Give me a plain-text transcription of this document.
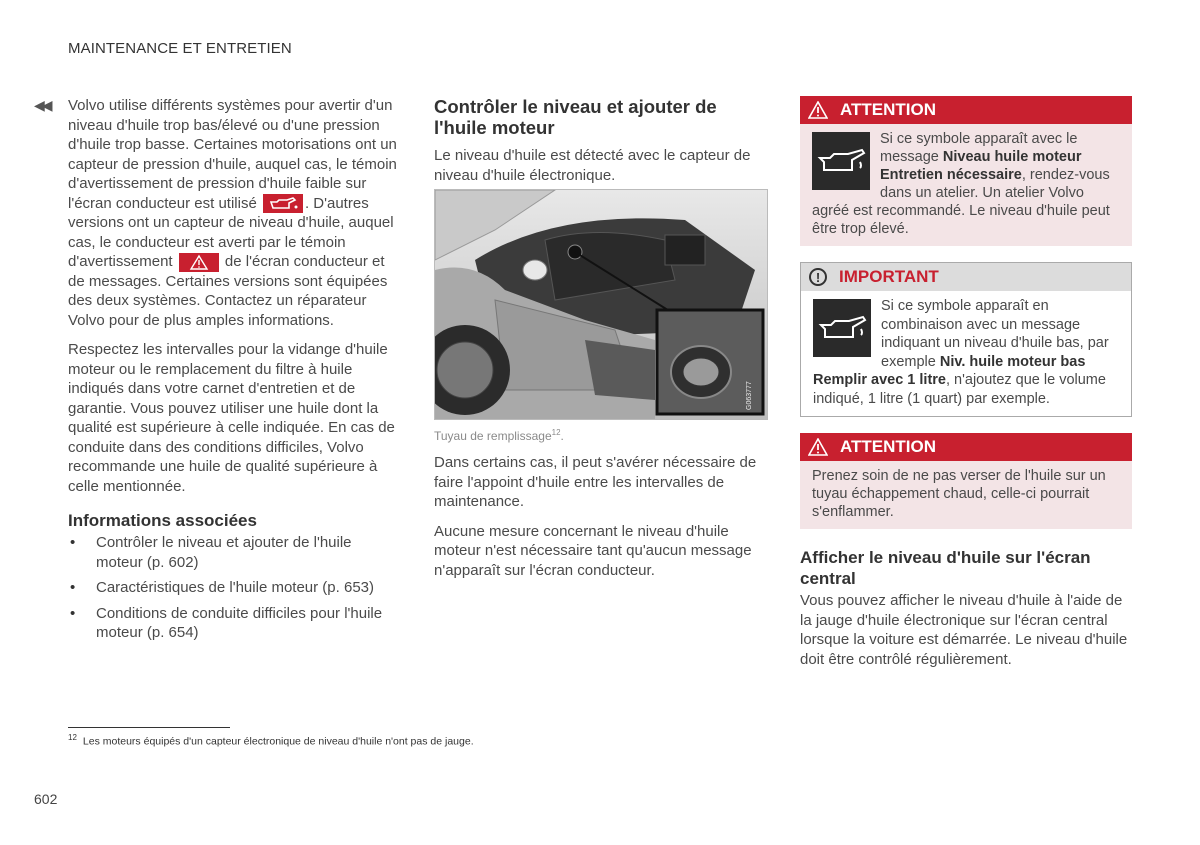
MAINTENANCE ET ENTRETIEN
◀◀ Volvo utilise différents systèmes pour avertir d'un niveau d'huile trop bas/élevé ou d'une pression d'huile trop basse. Certaines motorisations ont un capteur de pression d'huile, auquel cas, le témoin d'avertissement de pression d'huile faible sur l'écran conducteur est utilisé	. D'autres versions ont un capteur de niveau d'huile, auquel cas, le conducteur est averti par le témoin d'avertissement	de l'écran conducteur et de messages. Certaines versions sont équipées des deux systèmes. Contactez un réparateur Volvo pour de plus amples informations.

Respectez les intervalles pour la vidange d'huile moteur ou le remplacement du filtre à huile indiqués dans votre carnet d'entretien et de garantie. Vous pouvez utiliser une huile dont la qualité est supérieure à celle indiquée. En cas de conduite dans des conditions difficiles, Volvo recommande une huile de qualité supérieure à celle mentionnée.

Informations associées
• Contrôler le niveau et ajouter de l'huile moteur (p. 602)
• Caractéristiques de l'huile moteur (p. 653)
• Conditions de conduite difficiles pour l'huile moteur (p. 654)
Contrôler le niveau et ajouter de l'huile moteur

Le niveau d'huile est détecté avec le capteur de niveau d'huile électronique.

G063777
Tuyau de remplissage$^{12}$.

Dans certains cas, il peut s'avérer nécessaire de faire l'appoint d'huile entre les intervalles de maintenance.

Aucune mesure concernant le niveau d'huile moteur n'est nécessaire tant qu'aucun message n'apparaît sur l'écran conducteur.

ATTENTION
Si ce symbole apparaît avec le message Niveau huile moteur Entretien nécessaire, rendez-vous dans un atelier. Un atelier Volvo agréé est recommandé. Le niveau d'huile peut être trop élevé.
!	IMPORTANT
Si ce symbole apparaît en combinaison avec un message indiquant un niveau d'huile bas, par exemple Niv. huile moteur bas Remplir avec 1 litre, n'ajoutez que le volume indiqué, 1 litre (1 quart) par exemple.
ATTENTION
Prenez soin de ne pas verser de l'huile sur un tuyau échappement chaud, celle-ci pourrait s'enflammer.
Afficher le niveau d'huile sur l'écran central

Vous pouvez afficher le niveau d'huile à l'aide de la jauge d'huile électronique sur l'écran central lorsque la voiture est démarrée. Le niveau d'huile doit être contrôlé régulièrement.

$^{12}$ Les moteurs équipés d'un capteur électronique de niveau d'huile n'ont pas de jauge.
602
